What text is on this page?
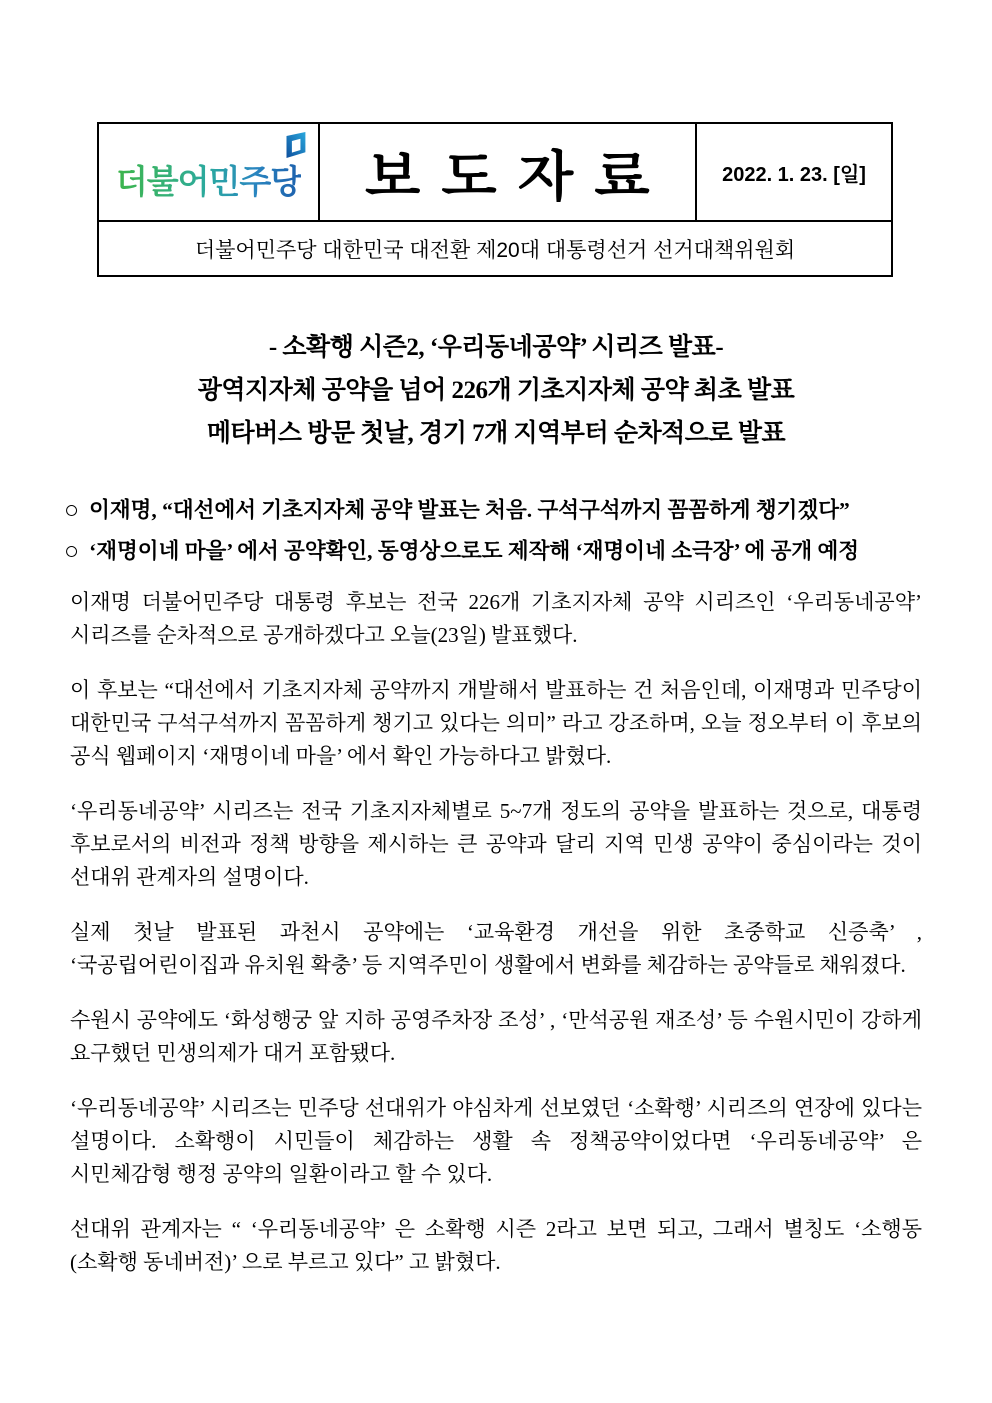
더불어민주당	보도자료	2022. 1. 23. [일]
더불어민주당 대한민국 대전환 제20대 대통령선거 선거대책위원회
- 소확행 시즌2, ‘우리동네공약’ 시리즈 발표-
광역지자체 공약을 넘어 226개 기초지자체 공약 최초 발표
메타버스 방문 첫날, 경기 7개 지역부터 순차적으로 발표
○ 이재명, “대선에서 기초지자체 공약 발표는 처음. 구석구석까지 꼼꼼하게 챙기겠다”
○ ‘재명이네 마을’ 에서 공약확인, 동영상으로도 제작해 ‘재명이네 소극장’ 에 공개 예정

이재명 더불어민주당 대통령 후보는 전국 226개 기초지자체 공약 시리즈인 ‘우리동네공약’ 시리즈를 순차적으로 공개하겠다고 오늘(23일) 발표했다.

이 후보는 “대선에서 기초지자체 공약까지 개발해서 발표하는 건 처음인데, 이재명과 민주당이 대한민국 구석구석까지 꼼꼼하게 챙기고 있다는 의미” 라고 강조하며, 오늘 정오부터 이 후보의 공식 웹페이지 ‘재명이네 마을’ 에서 확인 가능하다고 밝혔다.

‘우리동네공약’ 시리즈는 전국 기초지자체별로 5~7개 정도의 공약을 발표하는 것으로, 대통령 후보로서의 비전과 정책 방향을 제시하는 큰 공약과 달리 지역 민생 공약이 중심이라는 것이 선대위 관계자의 설명이다.

실제 첫날 발표된 과천시 공약에는 ‘교육환경 개선을 위한 초중학교 신증축’ , ‘국공립어린이집과 유치원 확충’ 등 지역주민이 생활에서 변화를 체감하는 공약들로 채워졌다.

수원시 공약에도 ‘화성행궁 앞 지하 공영주차장 조성’ , ‘만석공원 재조성’ 등 수원시민이 강하게 요구했던 민생의제가 대거 포함됐다.

‘우리동네공약’ 시리즈는 민주당 선대위가 야심차게 선보였던 ‘소확행’ 시리즈의 연장에 있다는 설명이다. 소확행이 시민들이 체감하는 생활 속 정책공약이었다면 ‘우리동네공약’ 은 시민체감형 행정 공약의 일환이라고 할 수 있다.

선대위 관계자는 “ ‘우리동네공약’ 은 소확행 시즌 2라고 보면 되고, 그래서 별칭도 ‘소행동(소확행 동네버전)’ 으로 부르고 있다” 고 밝혔다.
